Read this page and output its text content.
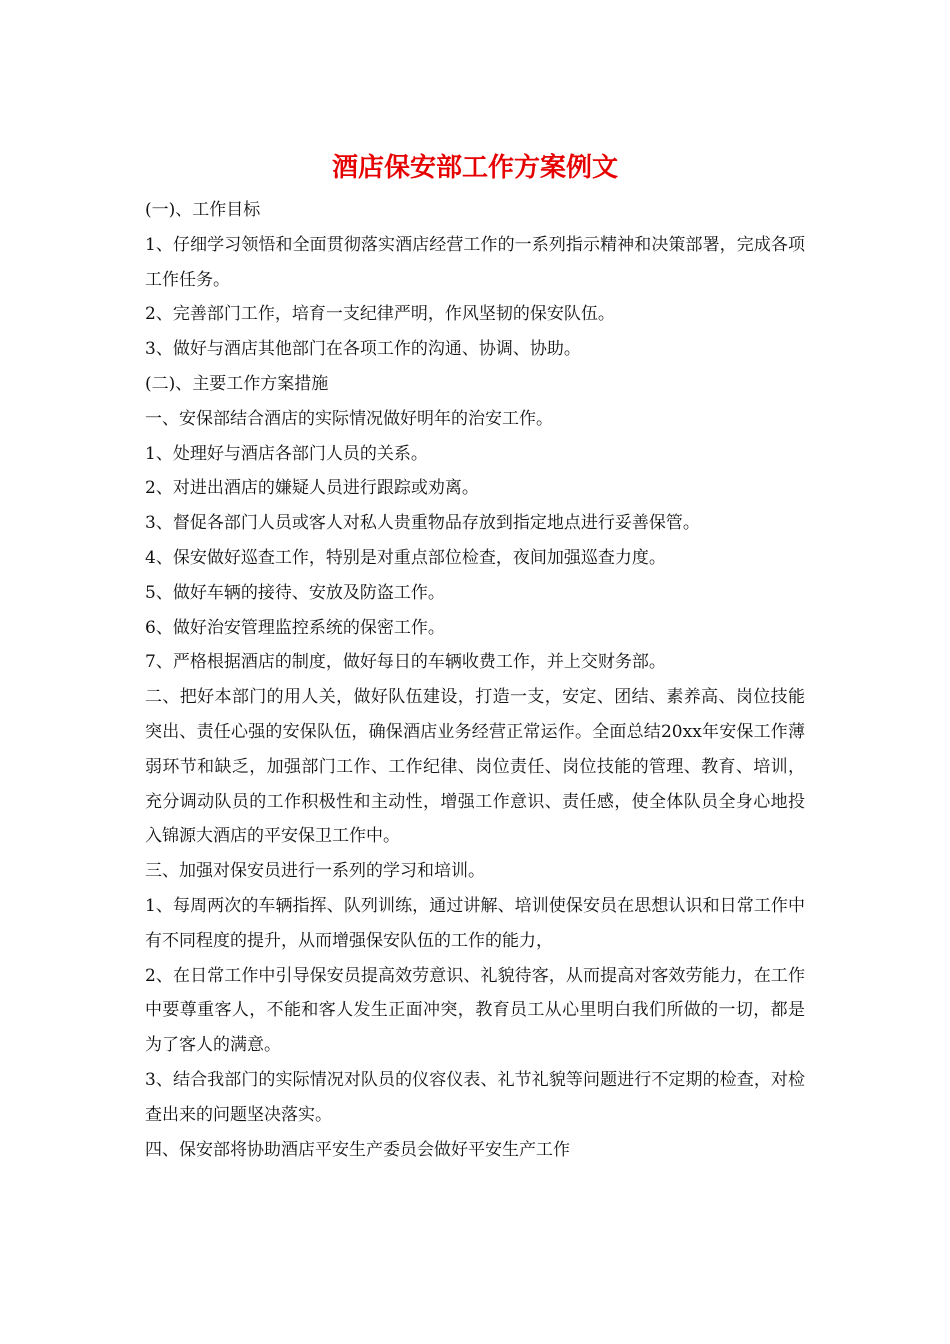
酒店保安部工作方案例文

(一)、工作目标

1、仔细学习领悟和全面贯彻落实酒店经营工作的一系列指示精神和决策部署，完成各项工作任务。

2、完善部门工作，培育一支纪律严明，作风坚韧的保安队伍。

3、做好与酒店其他部门在各项工作的沟通、协调、协助。

(二)、主要工作方案措施

一、安保部结合酒店的实际情况做好明年的治安工作。

1、处理好与酒店各部门人员的关系。

2、对进出酒店的嫌疑人员进行跟踪或劝离。

3、督促各部门人员或客人对私人贵重物品存放到指定地点进行妥善保管。

4、保安做好巡查工作，特别是对重点部位检查，夜间加强巡查力度。

5、做好车辆的接待、安放及防盗工作。

6、做好治安管理监控系统的保密工作。

7、严格根据酒店的制度，做好每日的车辆收费工作，并上交财务部。

二、把好本部门的用人关，做好队伍建设，打造一支，安定、团结、素养高、岗位技能突出、责任心强的安保队伍，确保酒店业务经营正常运作。全面总结20xx年安保工作薄弱环节和缺乏，加强部门工作、工作纪律、岗位责任、岗位技能的管理、教育、培训，充分调动队员的工作积极性和主动性，增强工作意识、责任感，使全体队员全身心地投入锦源大酒店的平安保卫工作中。

三、加强对保安员进行一系列的学习和培训。

1、每周两次的车辆指挥、队列训练，通过讲解、培训使保安员在思想认识和日常工作中有不同程度的提升，从而增强保安队伍的工作的能力，

2、在日常工作中引导保安员提高效劳意识、礼貌待客，从而提高对客效劳能力，在工作中要尊重客人，不能和客人发生正面冲突，教育员工从心里明白我们所做的一切，都是为了客人的满意。

3、结合我部门的实际情况对队员的仪容仪表、礼节礼貌等问题进行不定期的检查，对检查出来的问题坚决落实。

四、保安部将协助酒店平安生产委员会做好平安生产工作
